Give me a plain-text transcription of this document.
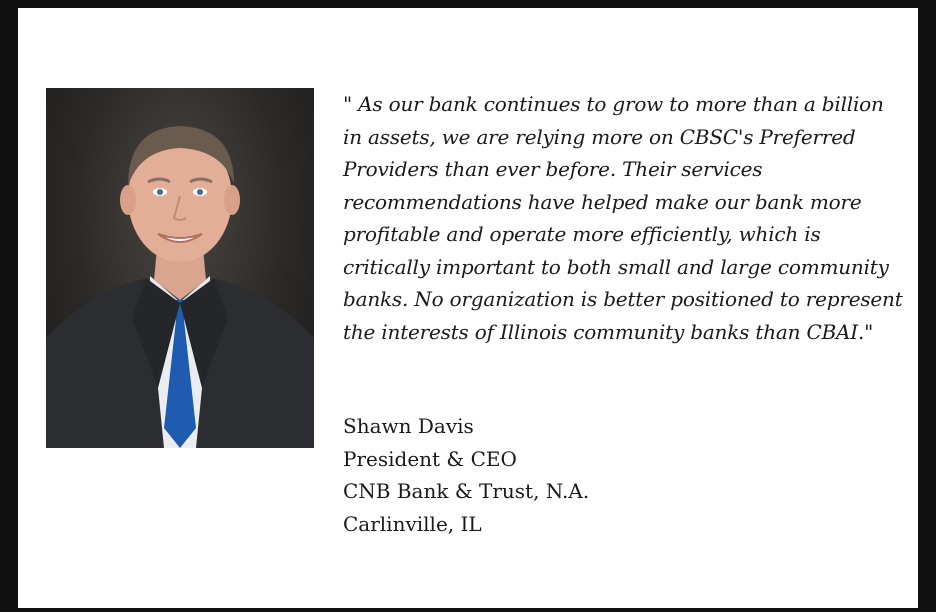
" As our bank continues to grow to more than a billion in assets, we are relying more on CBSC's Preferred Providers than ever before. Their services recommendations have helped make our bank more profitable and operate more efficiently, which is critically important to both small and large community banks. No organization is better positioned to represent the interests of Illinois community banks than CBAI."

Shawn Davis
President & CEO
CNB Bank & Trust, N.A.
Carlinville, IL
